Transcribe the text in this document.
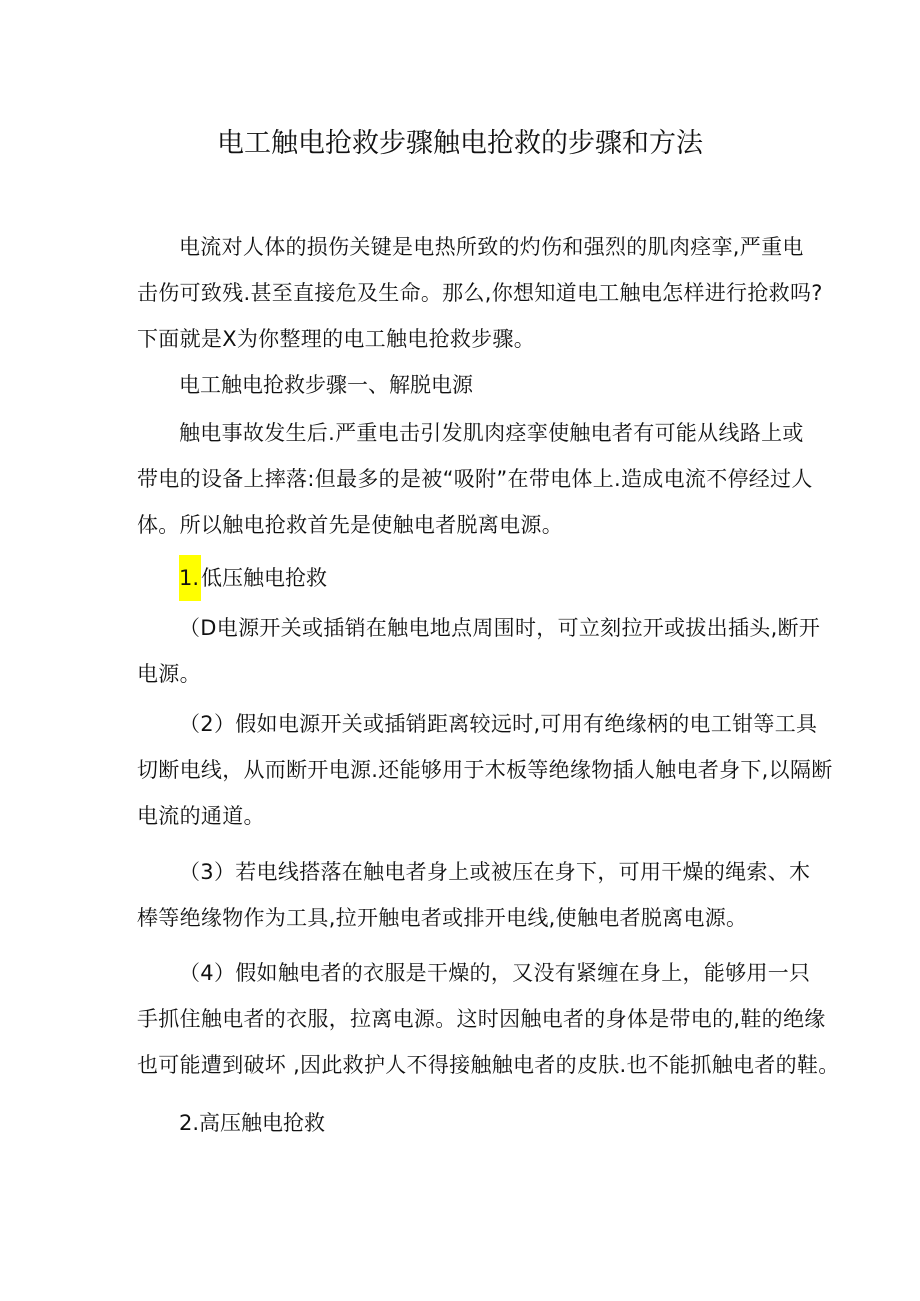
电工触电抢救步骤触电抢救的步骤和方法

电流对人体的损伤关键是电热所致的灼伤和强烈的肌肉痉挛,严重电
击伤可致残.甚至直接危及生命。那么,你想知道电工触电怎样进行抢救吗?
下面就是X为你整理的电工触电抢救步骤。

电工触电抢救步骤一、解脱电源

触电事故发生后.严重电击引发肌肉痉挛使触电者有可能从线路上或
带电的设备上摔落:但最多的是被“吸附”在带电体上.造成电流不停经过人
体。所以触电抢救首先是使触电者脱离电源。

1.低压触电抢救

（D电源开关或插销在触电地点周围时，可立刻拉开或拔出插头,断开
电源。

（2）假如电源开关或插销距离较远时,可用有绝缘柄的电工钳等工具
切断电线，从而断开电源.还能够用于木板等绝缘物插人触电者身下,以隔断
电流的通道。

（3）若电线搭落在触电者身上或被压在身下，可用干燥的绳索、木
棒等绝缘物作为工具,拉开触电者或排开电线,使触电者脱离电源。

（4）假如触电者的衣服是干燥的，又没有紧缠在身上，能够用一只
手抓住触电者的衣服，拉离电源。这时因触电者的身体是带电的,鞋的绝缘
也可能遭到破坏 ,因此救护人不得接触触电者的皮肤.也不能抓触电者的鞋。

2.高压触电抢救
